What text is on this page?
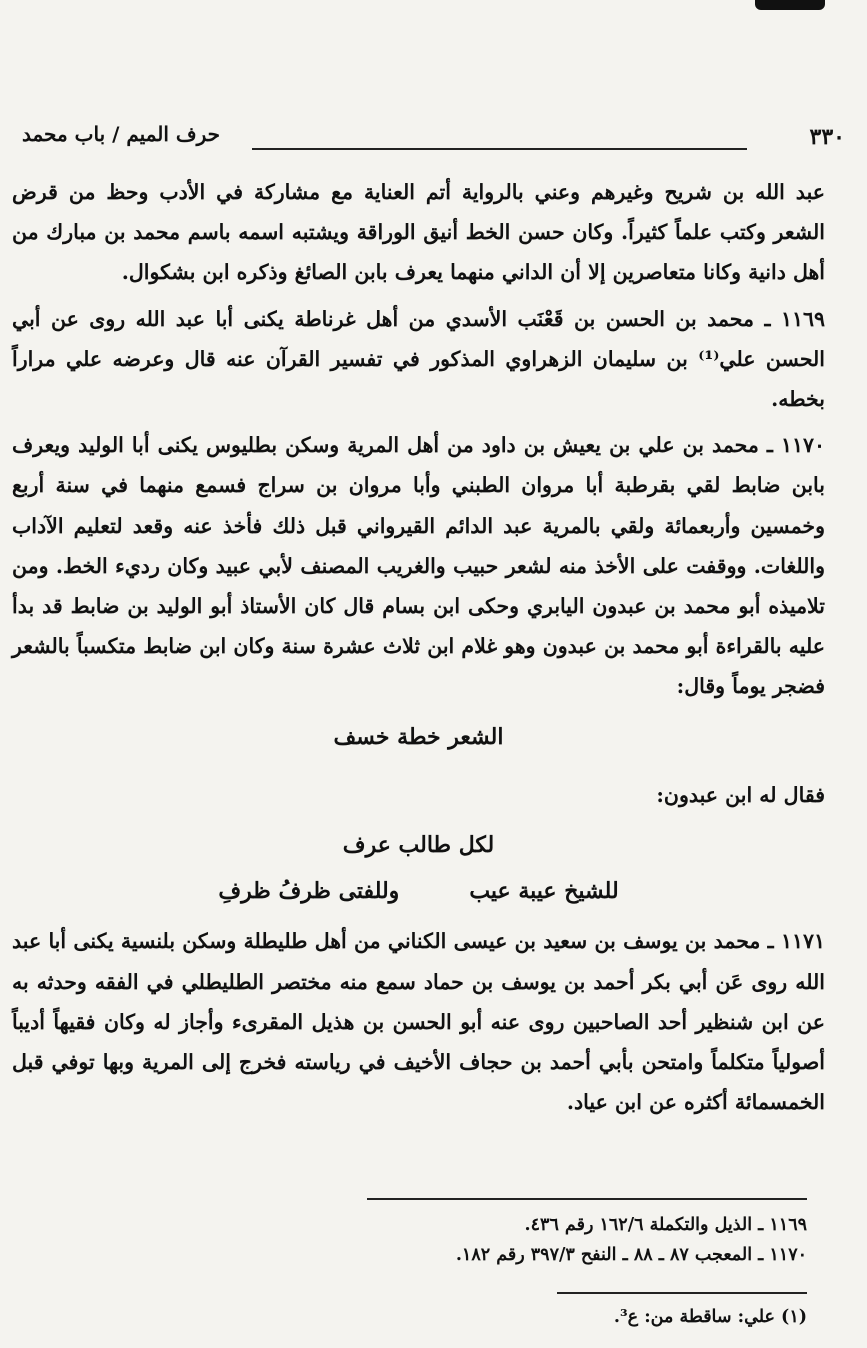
٣٣٠
حرف الميم / باب محمد

عبد الله بن شريح وغيرهم وعني بالرواية أتم العناية مع مشاركة في الأدب وحظ من قرض الشعر وكتب علماً كثيراً. وكان حسن الخط أنيق الوراقة ويشتبه اسمه باسم محمد بن مبارك من أهل دانية وكانا متعاصرين إلا أن الداني منهما يعرف بابن الصائغ وذكره ابن بشكوال.

١١٦٩ ـ محمد بن الحسن بن قَعْنَب الأسدي من أهل غرناطة يكنى أبا عبد الله روى عن أبي الحسن علي⁽¹⁾ بن سليمان الزهراوي المذكور في تفسير القرآن عنه قال وعرضه علي مراراً بخطه.

١١٧٠ ـ محمد بن علي بن يعيش بن داود من أهل المرية وسكن بطليوس يكنى أبا الوليد ويعرف بابن ضابط لقي بقرطبة أبا مروان الطبني وأبا مروان بن سراج فسمع منهما في سنة أربع وخمسين وأربعمائة ولقي بالمرية عبد الدائم القيرواني قبل ذلك فأخذ عنه وقعد لتعليم الآداب واللغات. ووقفت على الأخذ منه لشعر حبيب والغريب المصنف لأبي عبيد وكان رديء الخط. ومن تلاميذه أبو محمد بن عبدون اليابري وحكى ابن بسام قال كان الأستاذ أبو الوليد بن ضابط قد بدأ عليه بالقراءة أبو محمد بن عبدون وهو غلام ابن ثلاث عشرة سنة وكان ابن ضابط متكسباً بالشعر فضجر يوماً وقال:

الشعر خطة خسف

فقال له ابن عبدون:

لكل طالب عرف
للشيخ عيبة عيب
وللفتى ظرفُ ظرفِ

١١٧١ ـ محمد بن يوسف بن سعيد بن عيسى الكناني من أهل طليطلة وسكن بلنسية يكنى أبا عبد الله روى عَن أبي بكر أحمد بن يوسف بن حماد سمع منه مختصر الطليطلي في الفقه وحدثه به عن ابن شنظير أحد الصاحبين روى عنه أبو الحسن بن هذيل المقرىء وأجاز له وكان فقيهاً أديباً أصولياً متكلماً وامتحن بأبي أحمد بن حجاف الأخيف في رياسته فخرج إلى المرية وبها توفي قبل الخمسمائة أكثره عن ابن عياد.

١١٦٩ ـ الذيل والتكملة ١٦٢/٦ رقم ٤٣٦.
١١٧٠ ـ المعجب ٨٧ ـ ٨٨ ـ النفح ٣٩٧/٣ رقم ١٨٢.
(١) علي: ساقطة من: ع³.
